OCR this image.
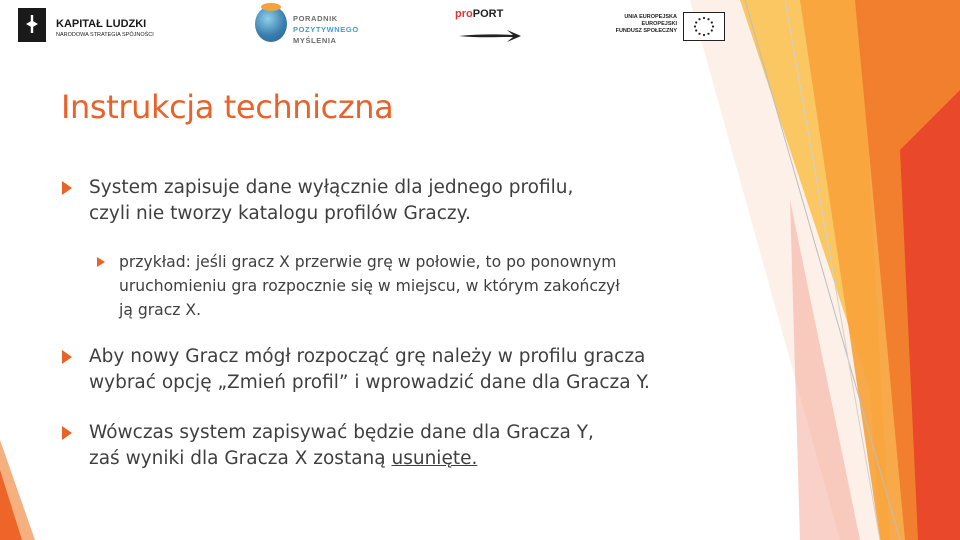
KAPITAŁ LUDZKI
NARODOWA STRATEGIA SPÓJNOŚCI
PORADNIK
POZYTYWNEGO
MYŚLENIA
proPORT	UNIA EUROPEJSKA
EUROPEJSKI
FUNDUSZ SPOŁECZNY
Instrukcja techniczna
System zapisuje dane wyłącznie dla jednego profilu,
czyli nie tworzy katalogu profilów Graczy.
przykład: jeśli gracz X przerwie grę w połowie, to po ponownym
uruchomieniu gra rozpocznie się w miejscu, w którym zakończył
ją gracz X.
Aby nowy Gracz mógł rozpocząć grę należy w profilu gracza
wybrać opcję „Zmień profil” i wprowadzić dane dla Gracza Y.
Wówczas system zapisywać będzie dane dla Gracza Y,
zaś wyniki dla Gracza X zostaną usunięte.
